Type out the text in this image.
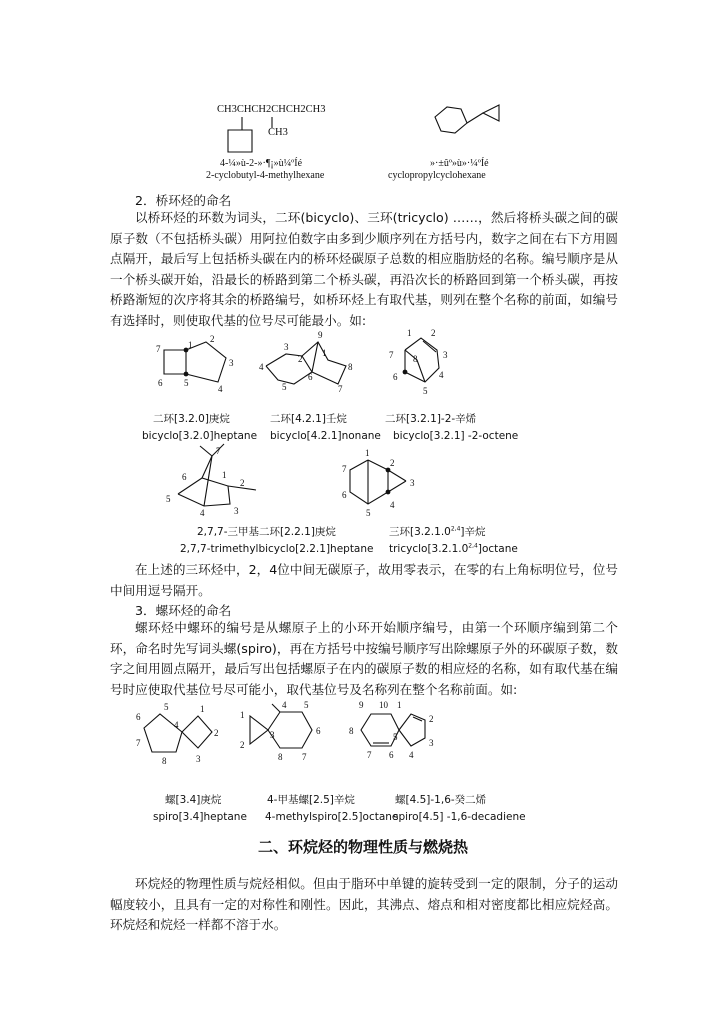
CH3CHCH2CHCH2CH3
CH3
4-¼»ù-2-»·¶¡»ù¼ºÍé
2-cyclobutyl-4-methylhexane
»·±ûº»ù»·¼ºÍé
cyclopropylcyclohexane
2．桥环烃的命名
以桥环烃的环数为词头，二环(bicyclo)、三环(tricyclo) ……，然后将桥头碳之间的碳原子数（不包括桥头碳）用阿拉伯数字由多到少顺序列在方括号内，数字之间在右下方用圆点隔开，最后写上包括桥头碳在内的桥环烃碳原子总数的相应脂肪烃的名称。编号顺序是从一个桥头碳开始，沿最长的桥路到第二个桥头碳，再沿次长的桥路回到第一个桥头碳，再按桥路渐短的次序将其余的桥路编号，如桥环烃上有取代基，则列在整个名称的前面，如编号有选择时，则使取代基的位号尽可能最小。如:
7	1
2
3
4
5
6
9
3
2
4
1
8
5
6
7
1 2
3
4
5
6
7 8
二环[3.2.0]庚烷	二环[4.2.1]壬烷	二环[3.2.1]-2-辛烯
bicyclo[3.2.0]heptane bicyclo[4.2.1]nonane bicyclo[3.2.1] -2-octene
7
6	1
2
5
4	3
1
7
6
5
4
3
2
2,7,7-三甲基二环[2.2.1]庚烷	三环[3.2.1.0$^{2,4}$]辛烷
2,7,7-trimethylbicyclo[2.2.1]heptane tricyclo[3.2.1.0$^{2,4}$]octane
在上述的三环烃中，2，4位中间无碳原子，故用零表示，在零的右上角标明位号，位号中间用逗号隔开。
3．螺环烃的命名
螺环烃中螺环的编号是从螺原子上的小环开始顺序编号，由第一个环顺序编到第二个环，命名时先写词头螺(spiro)，再在方括号中按编号顺序写出除螺原子外的环碳原子数，数字之间用圆点隔开，最后写出包括螺原子在内的碳原子数的相应烃的名称，如有取代基在编号时应使取代基位号尽可能小，取代基位号及名称列在整个名称前面。如:
5
6
7
8
4
1
2
3
1
2
3
4 5
6
7
8
9 10 1
2
3
4
5
6
7
8
螺[3.4]庚烷	4-甲基螺[2.5]辛烷	螺[4.5]-1,6-癸二烯
spiro[3.4]heptane 4-methylspiro[2.5]octane
spiro[4.5] -1,6-decadiene
二、环烷烃的物理性质与燃烧热
环烷烃的物理性质与烷烃相似。但由于脂环中单键的旋转受到一定的限制，分子的运动幅度较小，且具有一定的对称性和刚性。因此，其沸点、熔点和相对密度都比相应烷烃高。环烷烃和烷烃一样都不溶于水。
